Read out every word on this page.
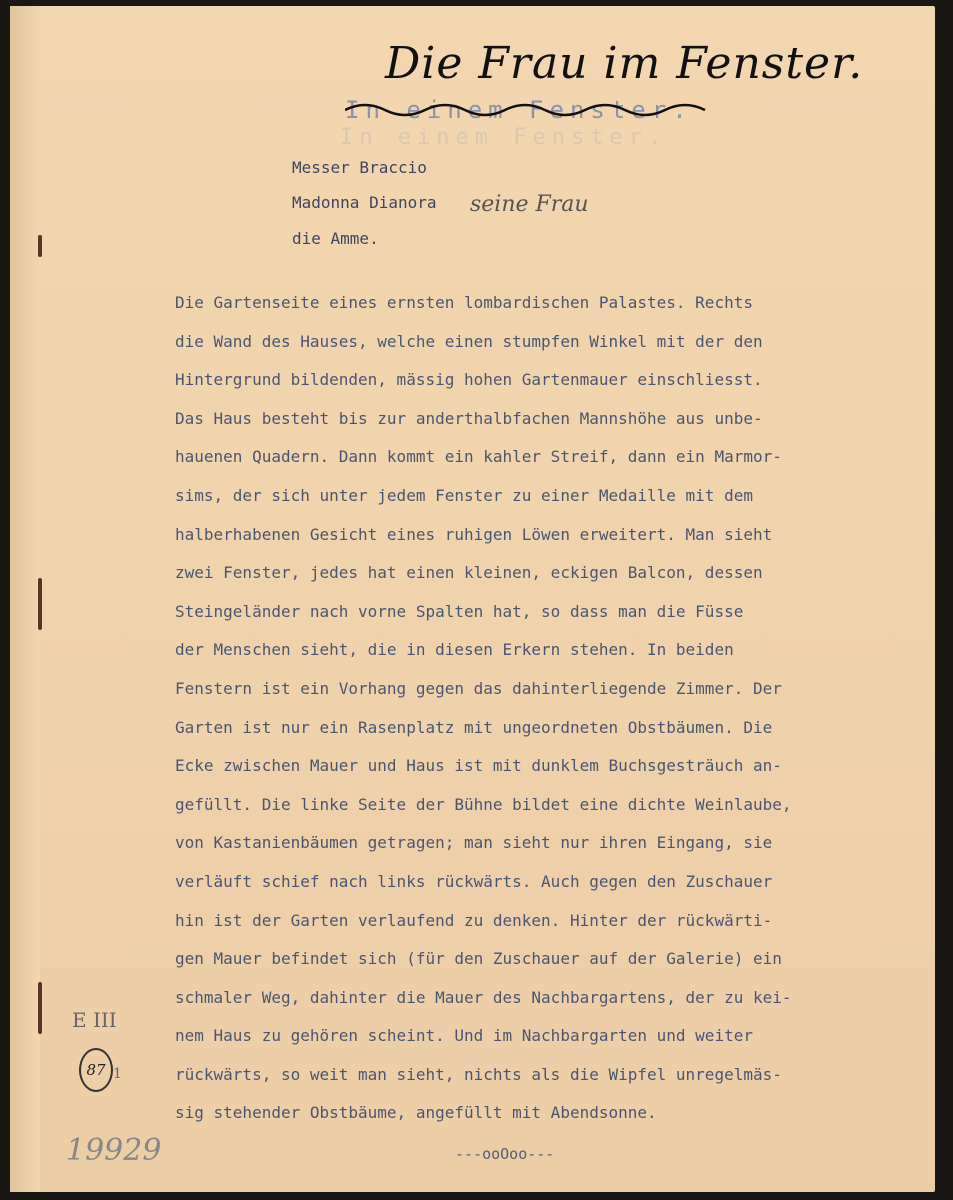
Die Frau im Fenster.
In einem Fenster.
In einem Fenster.
Messer Braccio
Madonna Dianora seine Frau
die Amme.
Die Gartenseite eines ernsten lombardischen Palastes. Rechts
die Wand des Hauses, welche einen stumpfen Winkel mit der den
Hintergrund bildenden, mässig hohen Gartenmauer einschliesst.
Das Haus besteht bis zur anderthalbfachen Mannshöhe aus unbe-
hauenen Quadern. Dann kommt ein kahler Streif, dann ein Marmor-
sims, der sich unter jedem Fenster zu einer Medaille mit dem
halberhabenen Gesicht eines ruhigen Löwen erweitert. Man sieht
zwei Fenster, jedes hat einen kleinen, eckigen Balcon, dessen
Steingeländer nach vorne Spalten hat, so dass man die Füsse
der Menschen sieht, die in diesen Erkern stehen. In beiden
Fenstern ist ein Vorhang gegen das dahinterliegende Zimmer. Der
Garten ist nur ein Rasenplatz mit ungeordneten Obstbäumen. Die
Ecke zwischen Mauer und Haus ist mit dunklem Buchsgesträuch an-
gefüllt. Die linke Seite der Bühne bildet eine dichte Weinlaube,
von Kastanienbäumen getragen; man sieht nur ihren Eingang, sie
verläuft schief nach links rückwärts. Auch gegen den Zuschauer
hin ist der Garten verlaufend zu denken. Hinter der rückwärti-
gen Mauer befindet sich (für den Zuschauer auf der Galerie) ein
schmaler Weg, dahinter die Mauer des Nachbargartens, der zu kei-
nem Haus zu gehören scheint. Und im Nachbargarten und weiter
rückwärts, so weit man sieht, nichts als die Wipfel unregelmäs-
sig stehender Obstbäume, angefüllt mit Abendsonne.
---ooOoo---
E III
87 1
19929
